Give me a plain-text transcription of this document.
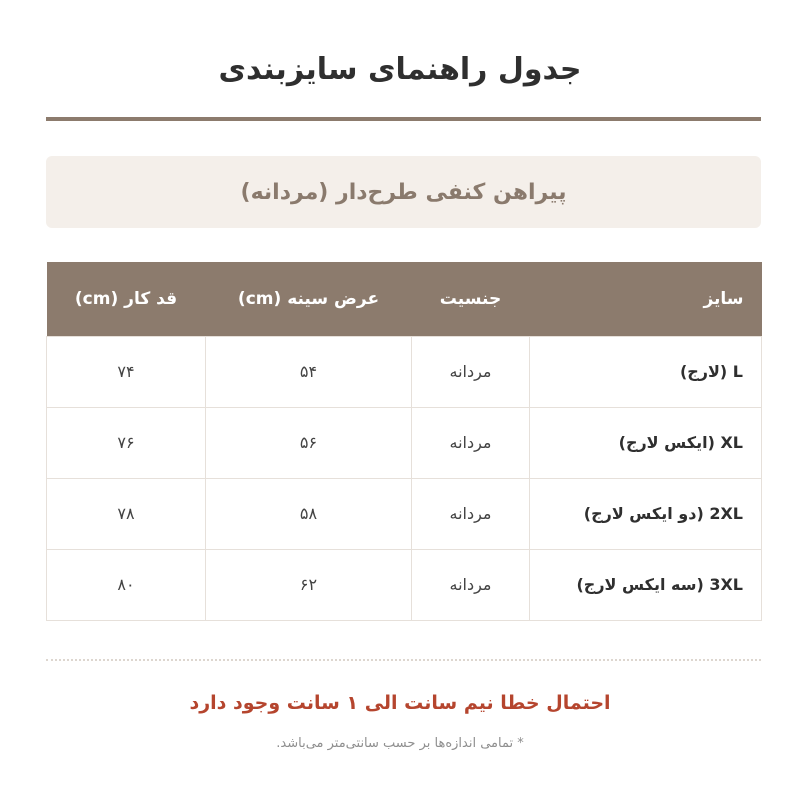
جدول راهنمای سایزبندی
پیراهن کنفی طرح‌دار (مردانه)
سایز	جنسیت	عرض سینه (cm)	قد کار (cm)
L (لارج)	مردانه	۵۴	۷۴
XL (ایکس لارج)	مردانه	۵۶	۷۶
2XL (دو ایکس لارج)	مردانه	۵۸	۷۸
3XL (سه ایکس لارج)	مردانه	۶۲	۸۰

احتمال خطا نیم سانت الی ۱ سانت وجود دارد

* تمامی اندازه‌ها بر حسب سانتی‌متر می‌باشد.
